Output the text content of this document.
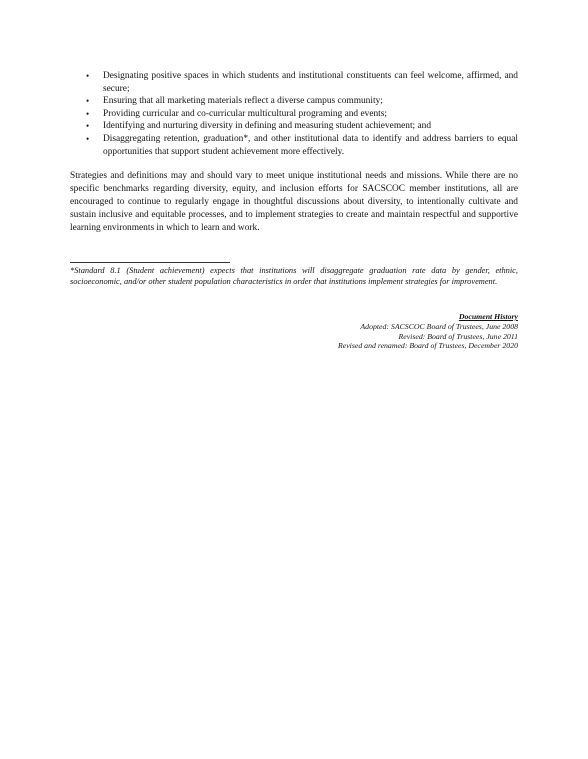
• Designating positive spaces in which students and institutional constituents can feel welcome, affirmed, and secure;
• Ensuring that all marketing materials reflect a diverse campus community;
• Providing curricular and co-curricular multicultural programing and events;
• Identifying and nurturing diversity in defining and measuring student achievement; and
• Disaggregating retention, graduation*, and other institutional data to identify and address barriers to equal opportunities that support student achievement more effectively.

Strategies and definitions may and should vary to meet unique institutional needs and missions. While there are no specific benchmarks regarding diversity, equity, and inclusion efforts for SACSCOC member institutions, all are encouraged to continue to regularly engage in thoughtful discussions about diversity, to intentionally cultivate and sustain inclusive and equitable processes, and to implement strategies to create and maintain respectful and supportive learning environments in which to learn and work.

*Standard 8.1 (Student achievement) expects that institutions will disaggregate graduation rate data by gender, ethnic, socioeconomic, and/or other student population characteristics in order that institutions implement strategies for improvement.

Document History
Adopted: SACSCOC Board of Trustees, June 2008
Revised: Board of Trustees, June 2011
Revised and renamed: Board of Trustees, December 2020
